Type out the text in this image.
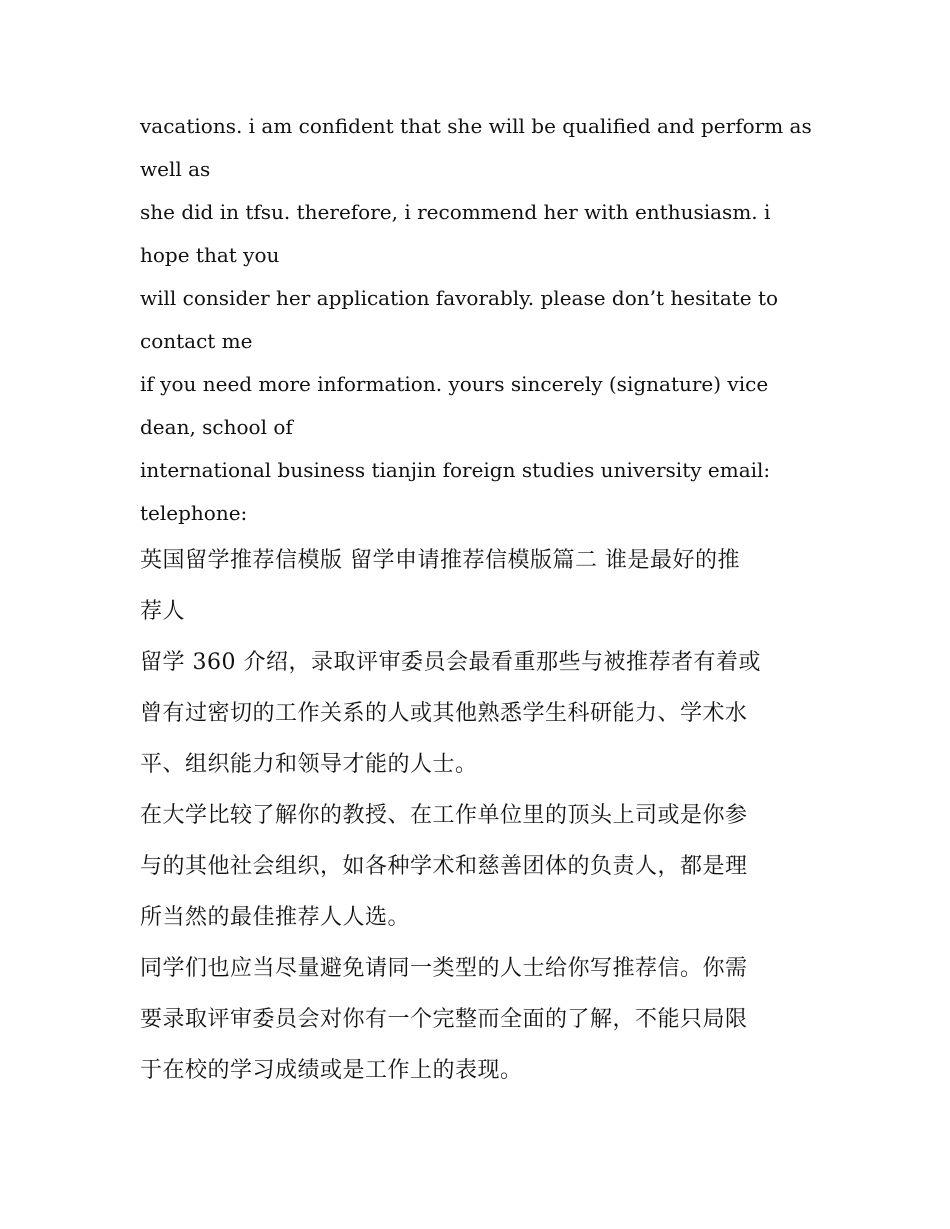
vacations. i am confident that she will be qualified and perform as

well as

she did in tfsu. therefore, i recommend her with enthusiasm. i

hope that you

will consider her application favorably. please don’t hesitate to

contact me

if you need more information. yours sincerely (signature) vice

dean, school of

international business tianjin foreign studies university email:

telephone:

英国留学推荐信模版 留学申请推荐信模版篇二 谁是最好的推
荐人

留学 360 介绍，录取评审委员会最看重那些与被推荐者有着或
曾有过密切的工作关系的人或其他熟悉学生科研能力、学术水
平、组织能力和领导才能的人士。

在大学比较了解你的教授、在工作单位里的顶头上司或是你参
与的其他社会组织，如各种学术和慈善团体的负责人，都是理
所当然的最佳推荐人人选。

同学们也应当尽量避免请同一类型的人士给你写推荐信。你需
要录取评审委员会对你有一个完整而全面的了解，不能只局限
于在校的学习成绩或是工作上的表现。
